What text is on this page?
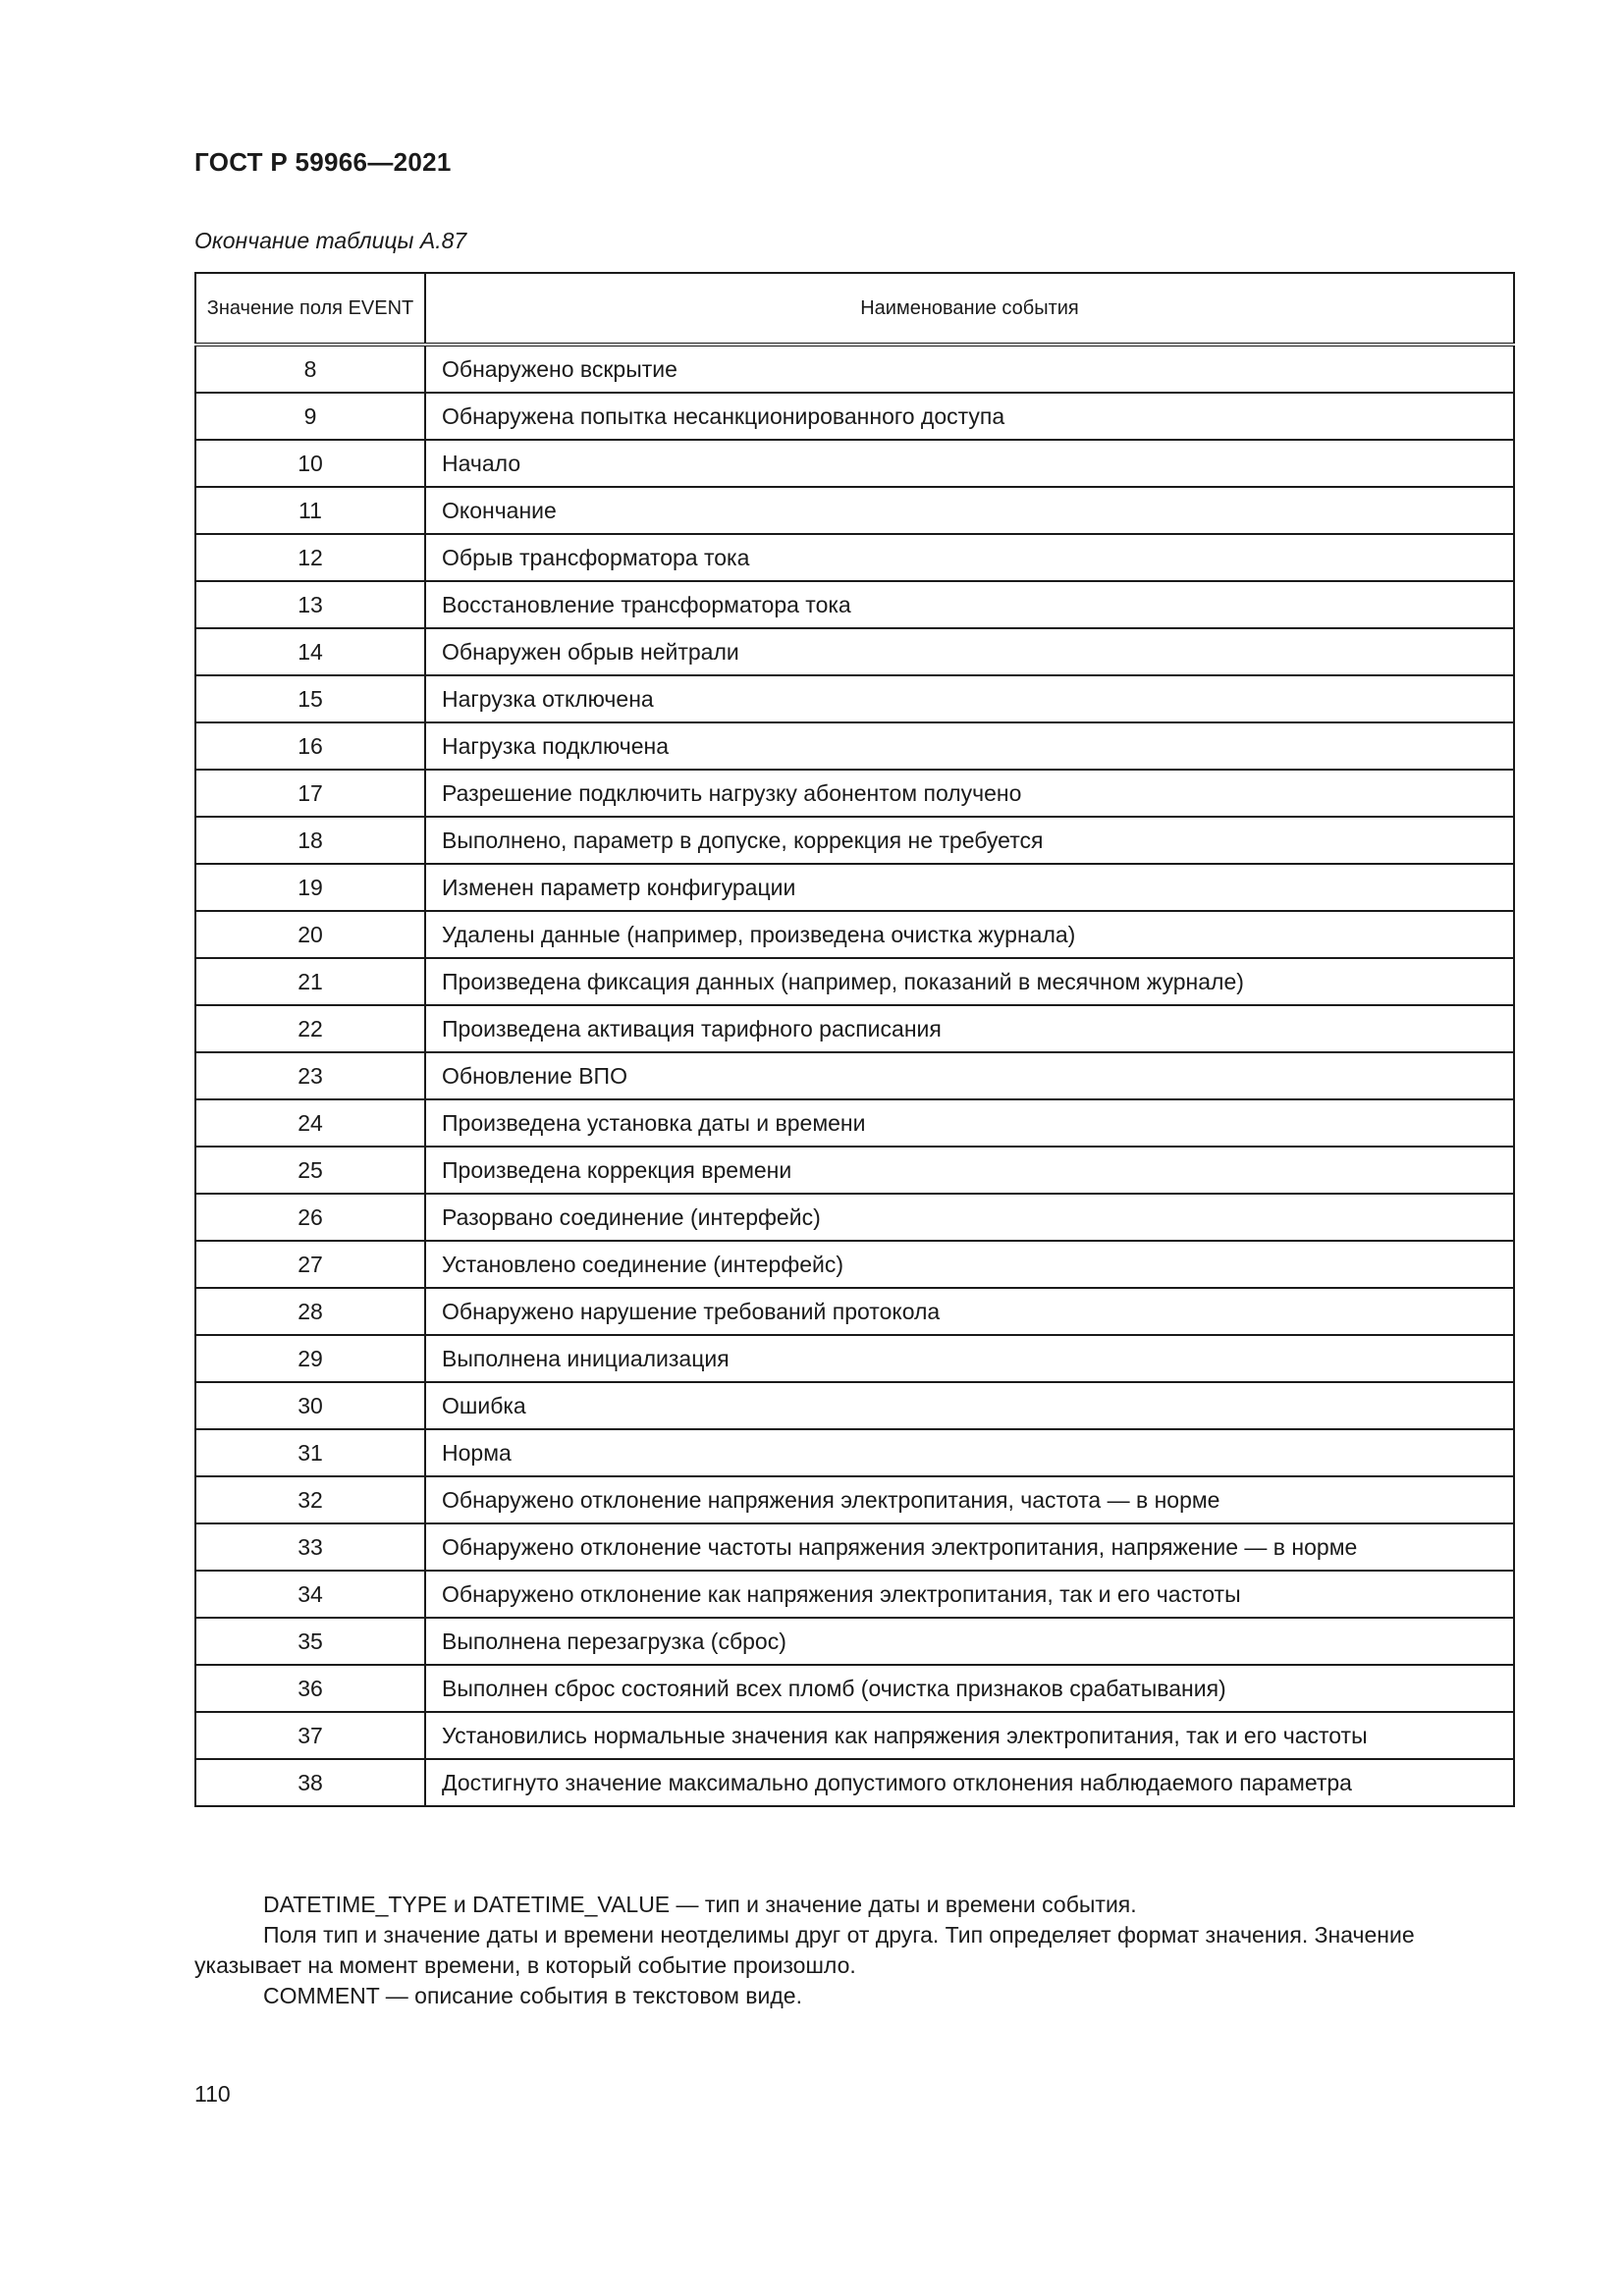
ГОСТ Р 59966—2021
Окончание таблицы А.87
Значение поля EVENT	Наименование события
8	Обнаружено вскрытие
9	Обнаружена попытка несанкционированного доступа
10	Начало
11	Окончание
12	Обрыв трансформатора тока
13	Восстановление трансформатора тока
14	Обнаружен обрыв нейтрали
15	Нагрузка отключена
16	Нагрузка подключена
17	Разрешение подключить нагрузку абонентом получено
18	Выполнено, параметр в допуске, коррекция не требуется
19	Изменен параметр конфигурации
20	Удалены данные (например, произведена очистка журнала)
21	Произведена фиксация данных (например, показаний в месячном журнале)
22	Произведена активация тарифного расписания
23	Обновление ВПО
24	Произведена установка даты и времени
25	Произведена коррекция времени
26	Разорвано соединение (интерфейс)
27	Установлено соединение (интерфейс)
28	Обнаружено нарушение требований протокола
29	Выполнена инициализация
30	Ошибка
31	Норма
32	Обнаружено отклонение напряжения электропитания, частота — в норме
33	Обнаружено отклонение частоты напряжения электропитания, напряжение — в норме
34	Обнаружено отклонение как напряжения электропитания, так и его частоты
35	Выполнена перезагрузка (сброс)
36	Выполнен сброс состояний всех пломб (очистка признаков срабатывания)
37	Установились нормальные значения как напряжения электропитания, так и его частоты
38	Достигнуто значение максимально допустимого отклонения наблюдаемого параметра

DATETIME_TYPE и DATETIME_VALUE — тип и значение даты и времени события.

Поля тип и значение даты и времени неотделимы друг от друга. Тип определяет формат значения. Значение указывает на момент времени, в который событие произошло.

COMMENT — описание события в текстовом виде.

110
